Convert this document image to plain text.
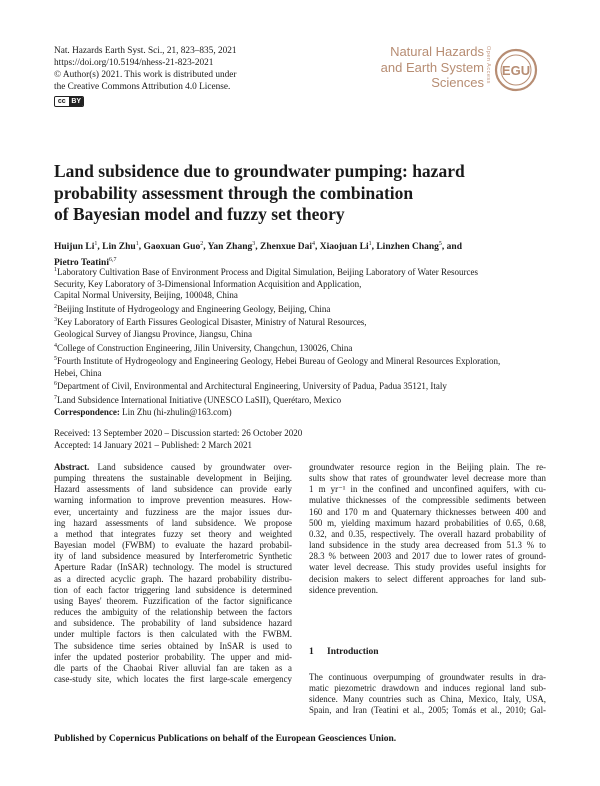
Nat. Hazards Earth Syst. Sci., 21, 823–835, 2021
https://doi.org/10.5194/nhess-21-823-2021
© Author(s) 2021. This work is distributed under
the Creative Commons Attribution 4.0 License.
cc BY
Natural Hazards
and Earth System
Sciences Open Access EGU
Land subsidence due to groundwater pumping: hazard
probability assessment through the combination
of Bayesian model and fuzzy set theory
Huijun Li$^1$, Lin Zhu$^1$, Gaoxuan Guo$^2$, Yan Zhang$^3$, Zhenxue Dai$^4$, Xiaojuan Li$^1$, Linzhen Chang$^5$, and
Pietro Teatini$^{6,7}$
$^1$Laboratory Cultivation Base of Environment Process and Digital Simulation, Beijing Laboratory of Water Resources
Security, Key Laboratory of 3-Dimensional Information Acquisition and Application,
Capital Normal University, Beijing, 100048, China
$^2$Beijing Institute of Hydrogeology and Engineering Geology, Beijing, China
$^3$Key Laboratory of Earth Fissures Geological Disaster, Ministry of Natural Resources,
Geological Survey of Jiangsu Province, Jiangsu, China
$^4$College of Construction Engineering, Jilin University, Changchun, 130026, China
$^5$Fourth Institute of Hydrogeology and Engineering Geology, Hebei Bureau of Geology and Mineral Resources Exploration,
Hebei, China
$^6$Department of Civil, Environmental and Architectural Engineering, University of Padua, Padua 35121, Italy
$^7$Land Subsidence International Initiative (UNESCO LaSII), Querétaro, Mexico
Correspondence: Lin Zhu (hi-zhulin@163.com)
Received: 13 September 2020 – Discussion started: 26 October 2020
Accepted: 14 January 2021 – Published: 2 March 2021
Abstract. Land subsidence caused by groundwater over-
pumping threatens the sustainable development in Beijing.
Hazard assessments of land subsidence can provide early
warning information to improve prevention measures. How-
ever, uncertainty and fuzziness are the major issues dur-
ing hazard assessments of land subsidence. We propose
a method that integrates fuzzy set theory and weighted
Bayesian model (FWBM) to evaluate the hazard probabil-
ity of land subsidence measured by Interferometric Synthetic
Aperture Radar (InSAR) technology. The model is structured
as a directed acyclic graph. The hazard probability distribu-
tion of each factor triggering land subsidence is determined
using Bayes' theorem. Fuzzification of the factor significance
reduces the ambiguity of the relationship between the factors
and subsidence. The probability of land subsidence hazard
under multiple factors is then calculated with the FWBM.
The subsidence time series obtained by InSAR is used to
infer the updated posterior probability. The upper and mid-
dle parts of the Chaobai River alluvial fan are taken as a
case-study site, which locates the first large-scale emergency
groundwater resource region in the Beijing plain. The re-
sults show that rates of groundwater level decrease more than
1 m yr⁻¹ in the confined and unconfined aquifers, with cu-
mulative thicknesses of the compressible sediments between
160 and 170 m and Quaternary thicknesses between 400 and
500 m, yielding maximum hazard probabilities of 0.65, 0.68,
0.32, and 0.35, respectively. The overall hazard probability of
land subsidence in the study area decreased from 51.3 % to
28.3 % between 2003 and 2017 due to lower rates of ground-
water level decrease. This study provides useful insights for
decision makers to select different approaches for land sub-
sidence prevention.
1 Introduction
The continuous overpumping of groundwater results in dra-
matic piezometric drawdown and induces regional land sub-
sidence. Many countries such as China, Mexico, Italy, USA,
Spain, and Iran (Teatini et al., 2005; Tomás et al., 2010; Gal-
Published by Copernicus Publications on behalf of the European Geosciences Union.
